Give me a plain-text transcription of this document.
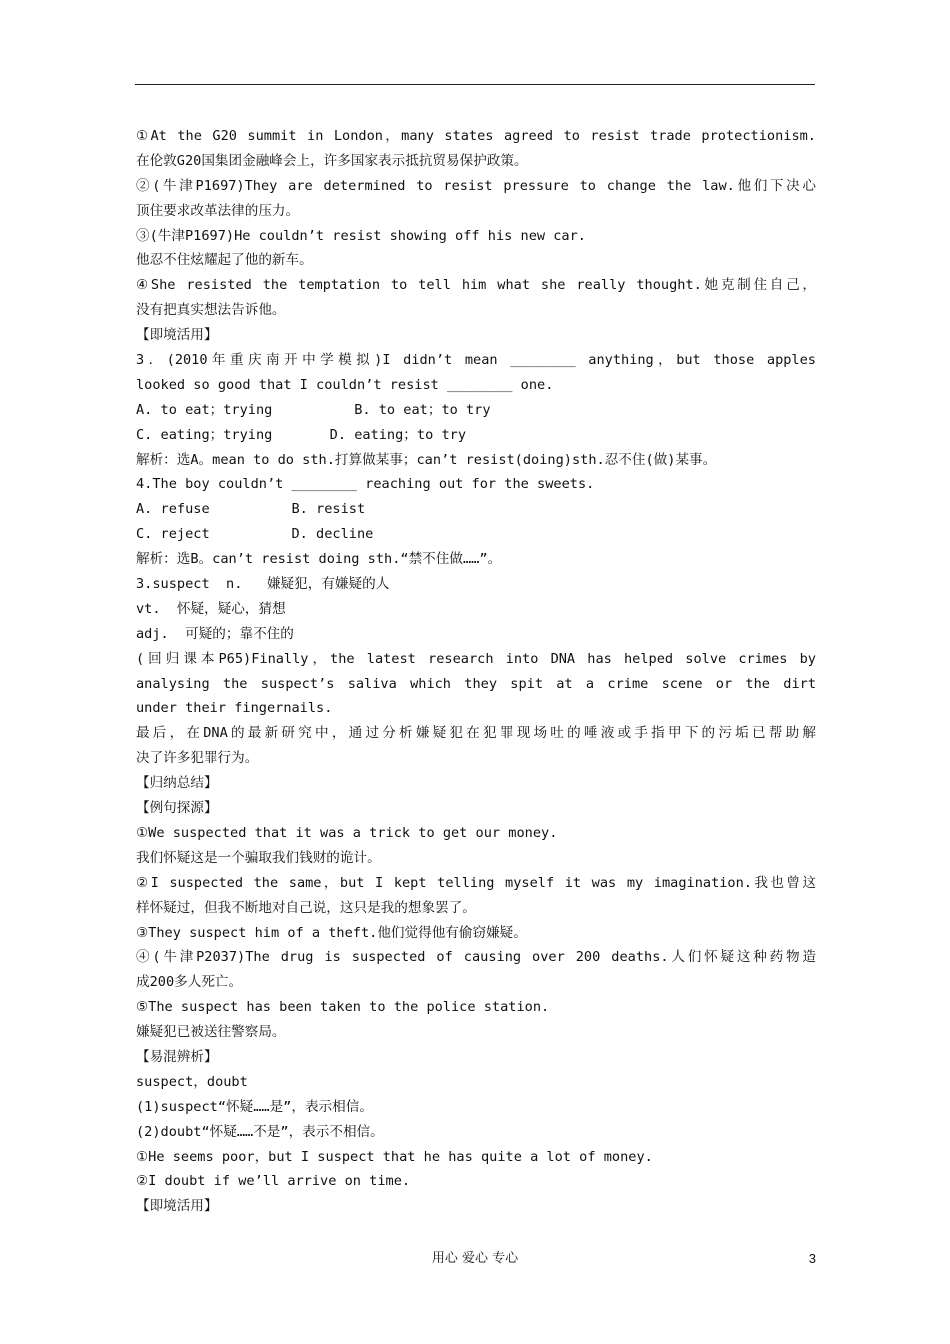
①At the G20 summit in London，many states agreed to resist trade protectionism.
在伦敦G20国集团金融峰会上，许多国家表示抵抗贸易保护政策。
②(牛津P1697)They are determined to resist pressure to change the law.他们下决心
顶住要求改革法律的压力。
③(牛津P1697)He couldn’t resist showing off his new car.
他忍不住炫耀起了他的新车。
④She resisted the temptation to tell him what she really thought.她克制住自己，
没有把真实想法告诉他。
【即境活用】
3．(2010年重庆南开中学模拟)I didn’t mean ________ anything，but those apples
looked so good that I couldn’t resist ________ one.
A. to eat；trying          B. to eat；to try
C. eating；trying       D. eating；to try
解析：选A。mean to do sth.打算做某事；can’t resist(doing)sth.忍不住(做)某事。
4.The boy couldn’t ________ reaching out for the sweets.
A. refuse          B. resist
C. reject          D. decline
解析：选B。can’t resist doing sth.“禁不住做……”。
3.suspect  n.   嫌疑犯，有嫌疑的人
vt.  怀疑，疑心，猜想
adj.  可疑的；靠不住的
(回归课本P65)Finally，the latest research into DNA has helped solve crimes by
analysing the suspect’s saliva which they spit at a crime scene or the dirt
under their fingernails.
最后，在DNA的最新研究中，通过分析嫌疑犯在犯罪现场吐的唾液或手指甲下的污垢已帮助解
决了许多犯罪行为。
【归纳总结】
【例句探源】
①We suspected that it was a trick to get our money.
我们怀疑这是一个骗取我们钱财的诡计。
②I suspected the same，but I kept telling myself it was my imagination.我也曾这
样怀疑过，但我不断地对自己说，这只是我的想象罢了。
③They suspect him of a theft.他们觉得他有偷窃嫌疑。
④(牛津P2037)The drug is suspected of causing over 200 deaths.人们怀疑这种药物造
成200多人死亡。
⑤The suspect has been taken to the police station.
嫌疑犯已被送往警察局。
【易混辨析】
suspect，doubt
(1)suspect“怀疑……是”，表示相信。
(2)doubt“怀疑……不是”，表示不相信。
①He seems poor，but I suspect that he has quite a lot of money.
②I doubt if we’ll arrive on time.
【即境活用】
用心 爱心 专心	3
